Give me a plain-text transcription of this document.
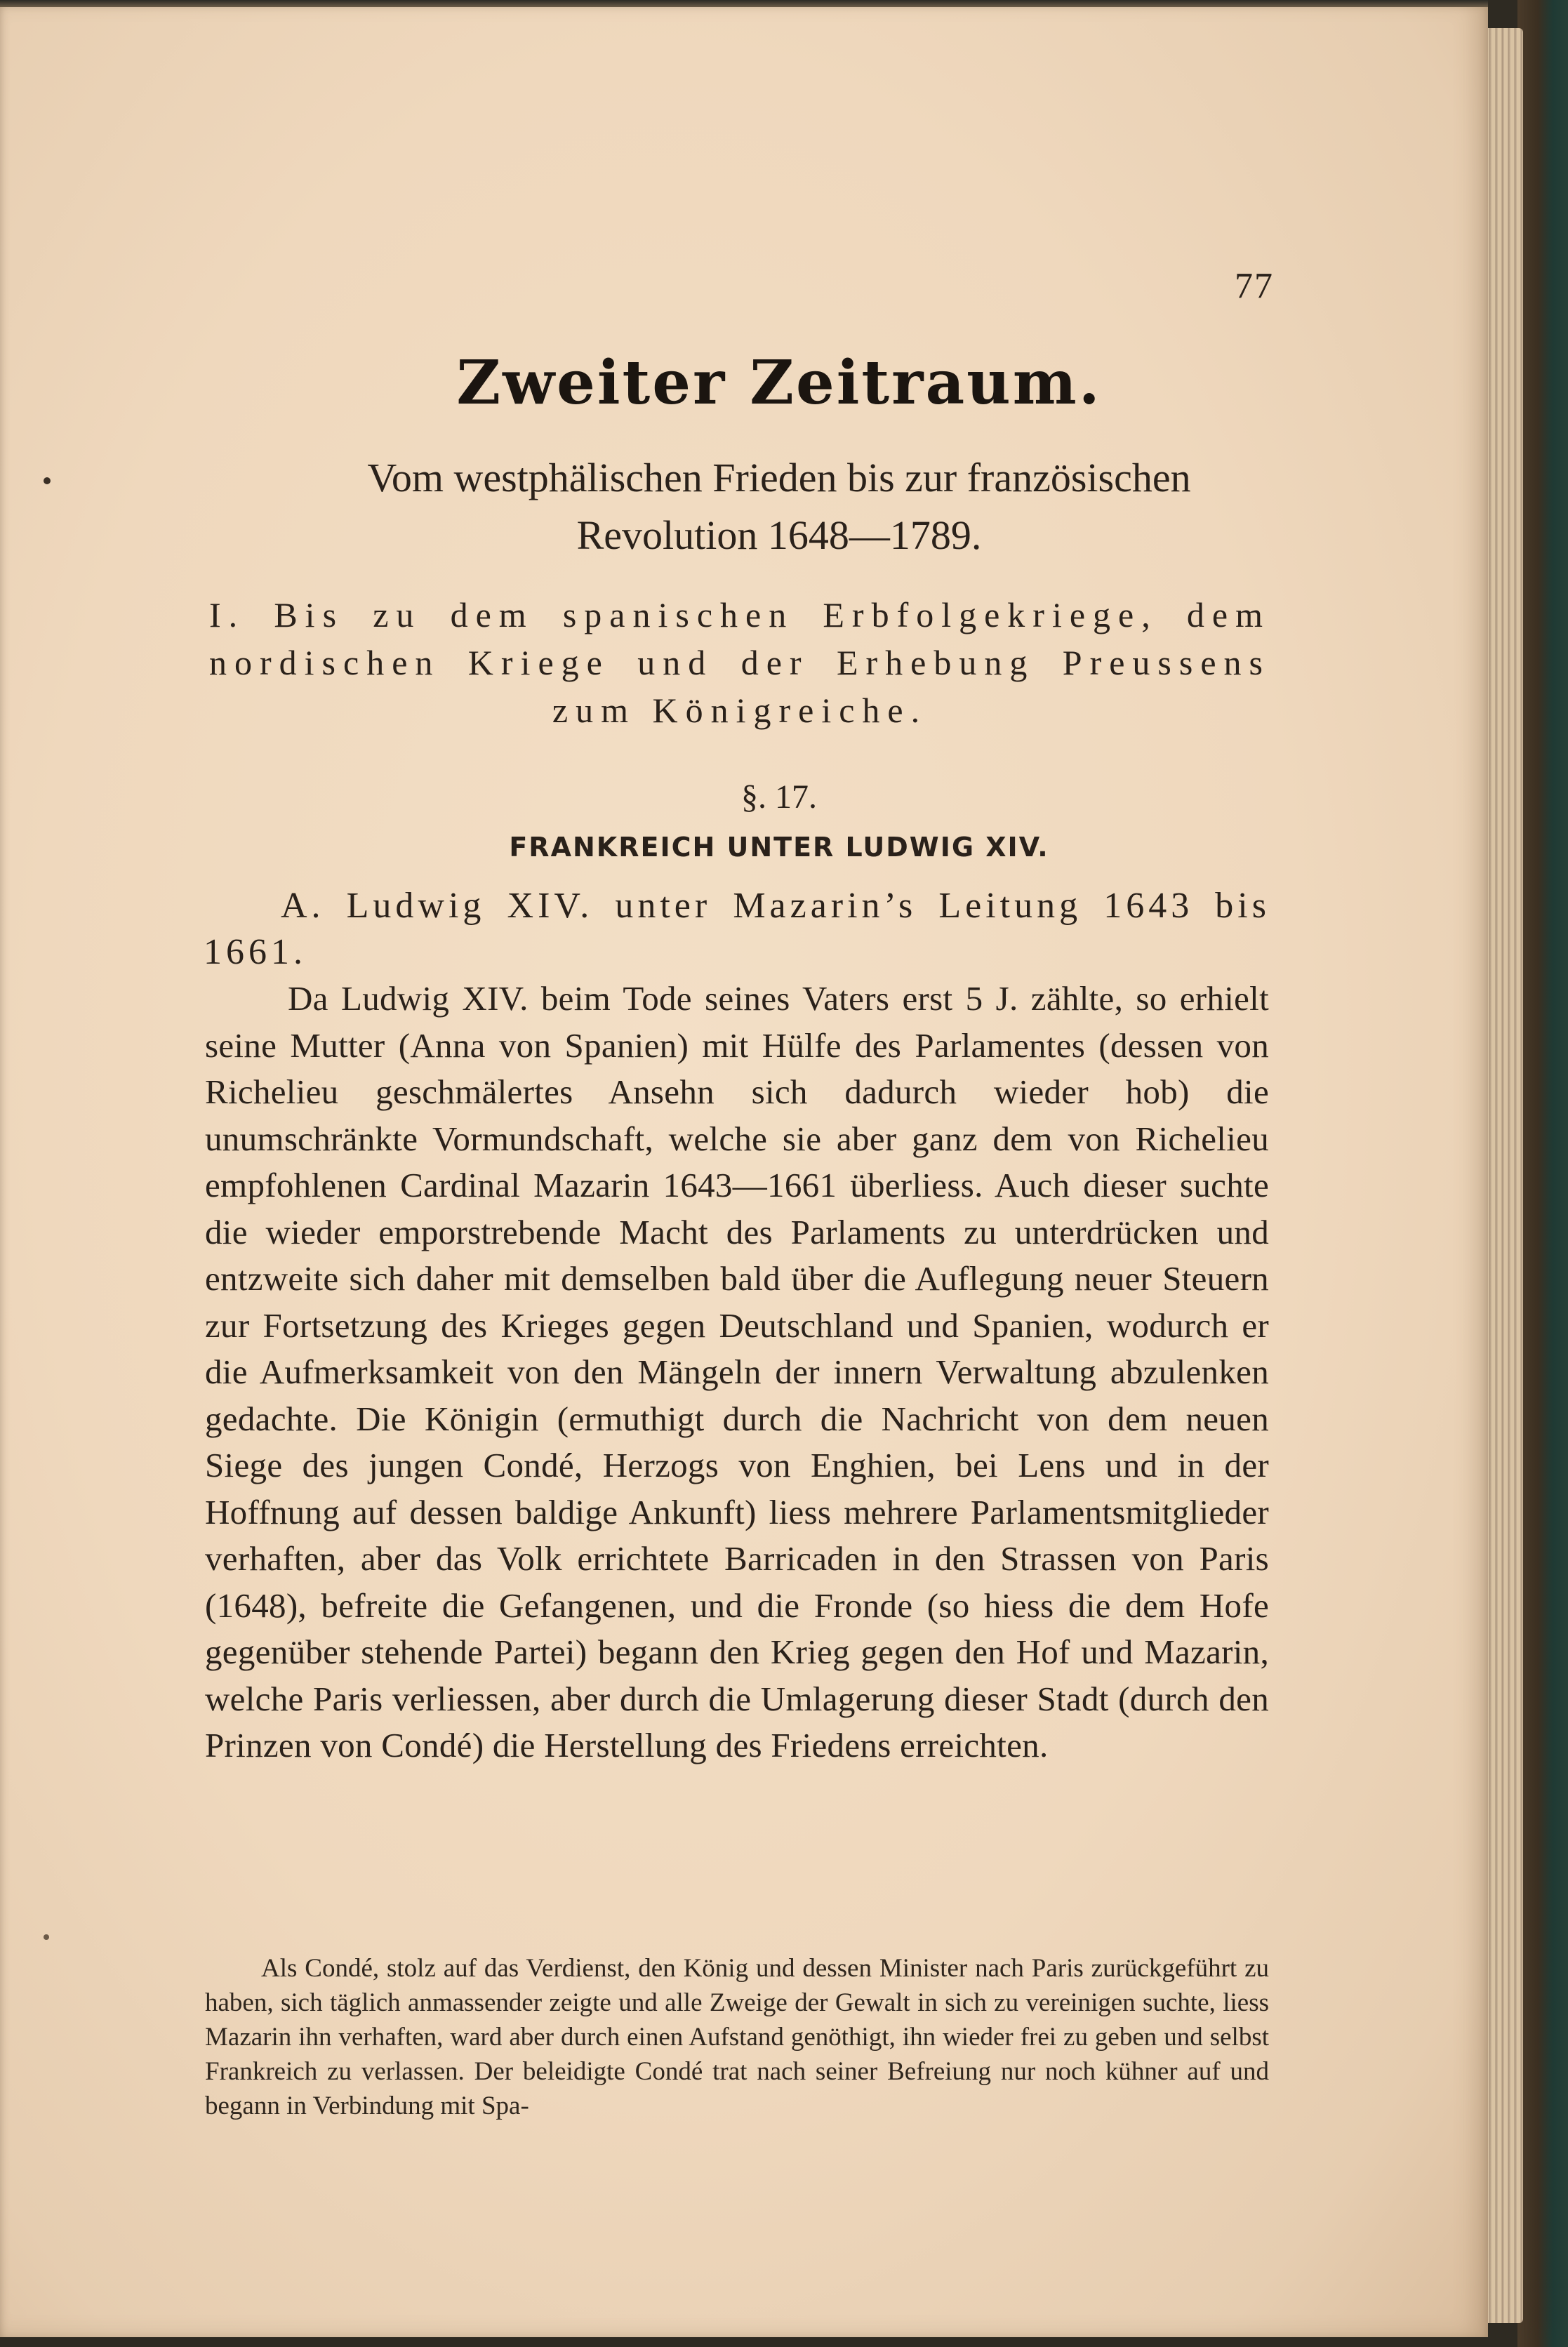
77
Zweiter Zeitraum.
Vom westphälischen Frieden bis zur französischen
Revolution 1648—1789.
I. Bis zu dem spanischen Erbfolgekriege, dem nordischen Kriege und der Erhebung Preussens zum Königreiche.
§. 17.
FRANKREICH UNTER LUDWIG XIV.
A. Ludwig XIV. unter Mazarin’s Leitung 1643 bis 1661.
Da Ludwig XIV. beim Tode seines Vaters erst 5 J. zählte, so erhielt seine Mutter (Anna von Spanien) mit Hülfe des Parlamentes (dessen von Richelieu geschmälertes Ansehn sich dadurch wieder hob) die unumschränkte Vormundschaft, welche sie aber ganz dem von Richelieu empfohlenen Cardinal Mazarin 1643—1661 überliess. Auch dieser suchte die wieder emporstrebende Macht des Parlaments zu unterdrücken und entzweite sich daher mit demselben bald über die Auflegung neuer Steuern zur Fortsetzung des Krieges gegen Deutschland und Spanien, wodurch er die Aufmerksamkeit von den Mängeln der innern Verwaltung abzulenken gedachte. Die Königin (ermuthigt durch die Nachricht von dem neuen Siege des jungen Condé, Herzogs von Enghien, bei Lens und in der Hoffnung auf dessen baldige Ankunft) liess mehrere Parlamentsmitglieder verhaften, aber das Volk errichtete Barricaden in den Strassen von Paris (1648), befreite die Gefangenen, und die Fronde (so hiess die dem Hofe gegenüber stehende Partei) begann den Krieg gegen den Hof und Mazarin, welche Paris verliessen, aber durch die Umlagerung dieser Stadt (durch den Prinzen von Condé) die Herstellung des Friedens erreichten.
Als Condé, stolz auf das Verdienst, den König und dessen Minister nach Paris zurückgeführt zu haben, sich täglich anmassender zeigte und alle Zweige der Gewalt in sich zu vereinigen suchte, liess Mazarin ihn verhaften, ward aber durch einen Aufstand genöthigt, ihn wieder frei zu geben und selbst Frankreich zu verlassen. Der beleidigte Condé trat nach seiner Befreiung nur noch kühner auf und begann in Verbindung mit Spa-
